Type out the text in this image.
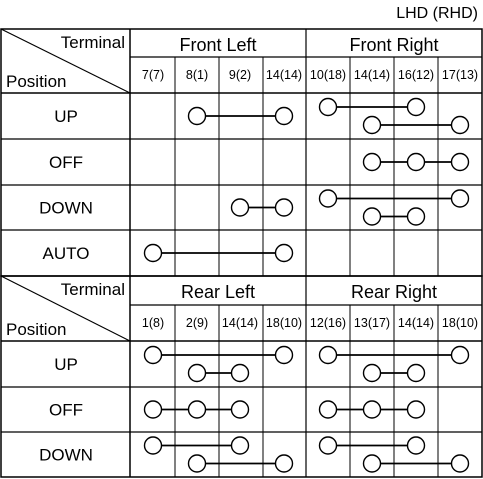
LHD (RHD)
Terminal
Position
Front Left	Front Right
7(7) 8(1) 9(2) 14(14) 10(18) 14(14) 16(12) 17(13)
UP
OFF
DOWN
AUTO
Terminal
Position
Rear Left	Rear Right
1(8) 2(9) 14(14) 18(10) 12(16) 13(17) 14(14) 18(10)
UP
OFF
DOWN
